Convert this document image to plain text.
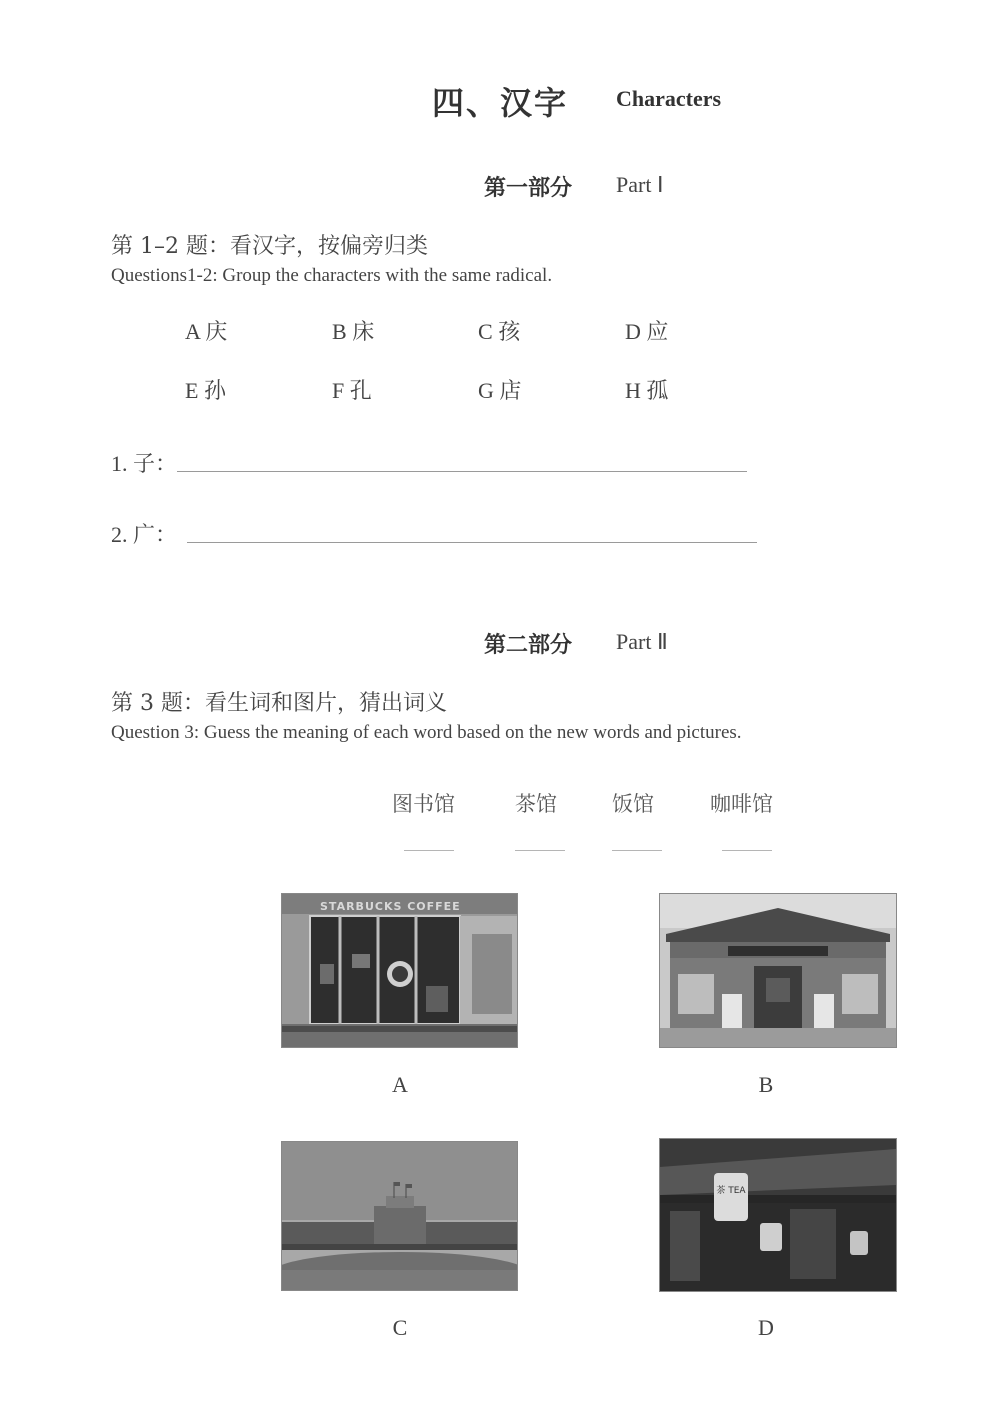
四、汉字 Characters
第一部分 Part Ⅰ
第 1–2 题：看汉字，按偏旁归类
Questions1-2: Group the characters with the same radical.
A 庆	B 床	C 孩	D 应
E 孙	F 孔	G 店	H 孤
1. 子：
2. 广：
第二部分 Part Ⅱ
第 3 题：看生词和图片，猜出词义
Question 3: Guess the meaning of each word based on the new words and pictures.
图书馆	茶馆	饭馆	咖啡馆
STARBUCKS COFFEE
A	B
C
茶 TEA
D
